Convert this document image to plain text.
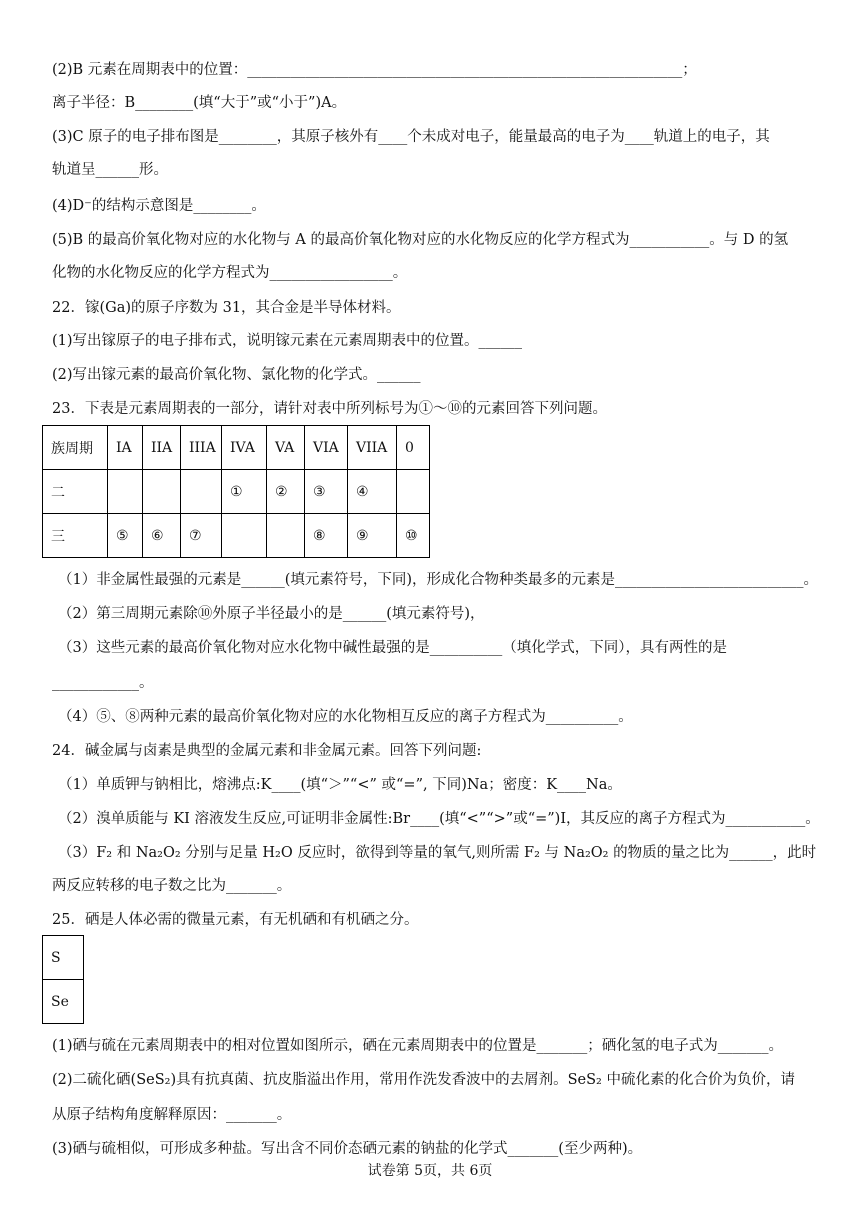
(2)B 元素在周期表中的位置：____________________________________________________________；
离子半径：B________(填“大于”或“小于”)A。
(3)C 原子的电子排布图是________，其原子核外有____个未成对电子，能量最高的电子为____轨道上的电子，其
轨道呈______形。
(4)D⁻的结构示意图是________。
(5)B 的最高价氧化物对应的水化物与 A 的最高价氧化物对应的水化物反应的化学方程式为___________。与 D 的氢
化物的水化物反应的化学方程式为_________________。
22．镓(Ga)的原子序数为 31，其合金是半导体材料。
(1)写出镓原子的电子排布式，说明镓元素在元素周期表中的位置。______
(2)写出镓元素的最高价氧化物、氯化物的化学式。______
23．下表是元素周期表的一部分，请针对表中所列标号为①～⑩的元素回答下列问题。
族周期	IA	IIA	IIIA	IVA	VA	VIA	VIIA	0
二				①	②	③	④	
三	⑤	⑥	⑦			⑧	⑨	⑩
（1）非金属性最强的元素是______(填元素符号，下同)，形成化合物种类最多的元素是__________________________。
（2）第三周期元素除⑩外原子半径最小的是______(填元素符号)，
（3）这些元素的最高价氧化物对应水化物中碱性最强的是__________（填化学式，下同），具有两性的是
____________。
（4）⑤、⑧两种元素的最高价氧化物对应的水化物相互反应的离子方程式为__________。
24．碱金属与卤素是典型的金属元素和非金属元素。回答下列问题:
（1）单质钾与钠相比，熔沸点:K____(填“＞”“<” 或“=”, 下同)Na；密度：K____Na。
（2）溴单质能与 KI 溶液发生反应,可证明非金属性:Br____(填“<”“>”或“=”)I，其反应的离子方程式为___________。
（3）F₂ 和 Na₂O₂ 分别与足量 H₂O 反应时，欲得到等量的氧气,则所需 F₂ 与 Na₂O₂ 的物质的量之比为______，此时
两反应转移的电子数之比为_______。
25．硒是人体必需的微量元素，有无机硒和有机硒之分。
S
Se
(1)硒与硫在元素周期表中的相对位置如图所示，硒在元素周期表中的位置是_______；硒化氢的电子式为_______。
(2)二硫化硒(SeS₂)具有抗真菌、抗皮脂溢出作用，常用作洗发香波中的去屑剂。SeS₂ 中硫化素的化合价为负价，请
从原子结构角度解释原因：_______。
(3)硒与硫相似，可形成多种盐。写出含不同价态硒元素的钠盐的化学式_______(至少两种)。
试卷第 5页，共 6页
